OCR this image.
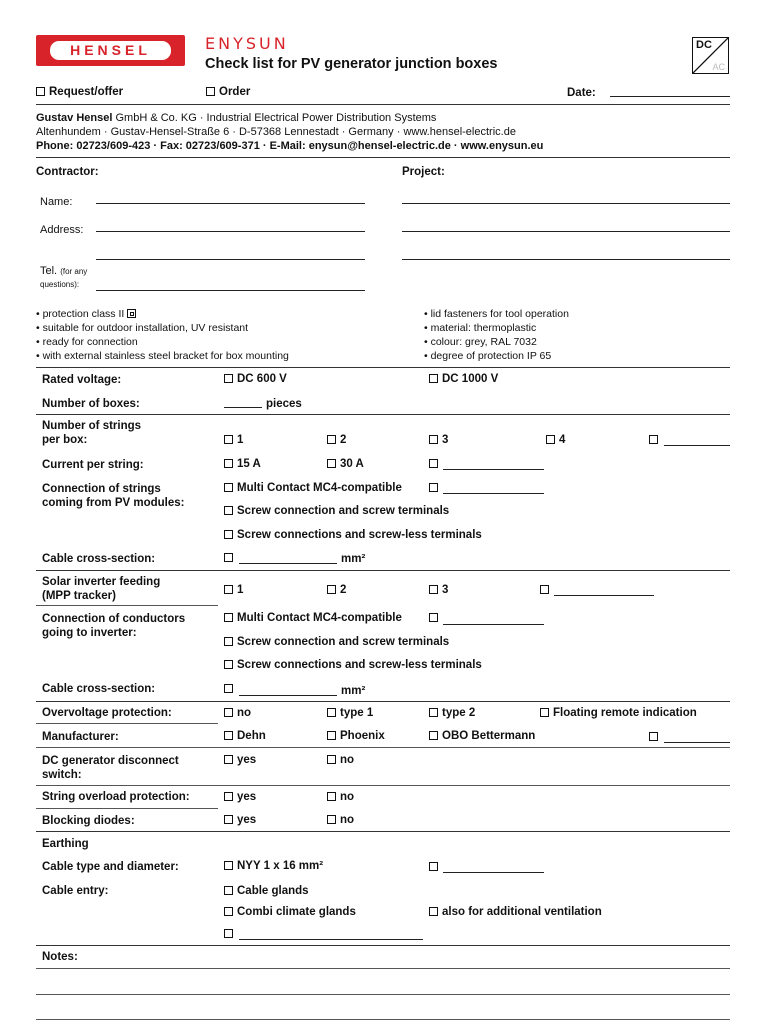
HENSEL	ENYSUN
Check list for PV generator junction boxes
DC
AC
Request/offer	Order	Date:
Gustav Hensel GmbH & Co. KG · Industrial Electrical Power Distribution Systems
Altenhundem · Gustav-Hensel-Straße 6 · D-57368 Lennestadt · Germany · www.hensel-electric.de
Phone: 02723/609-423 · Fax: 02723/609-371 · E-Mail: enysun@hensel-electric.de · www.enysun.eu
Contractor:	Project:
Name:
Address:
Tel. (for any
questions):
• protection class II
• suitable for outdoor installation, UV resistant
• ready for connection
• with external stainless steel bracket for box mounting
• lid fasteners for tool operation
• material: thermoplastic
• colour: grey, RAL 7032
• degree of protection IP 65
Rated voltage:	DC 600 V	DC 1000 V
Number of boxes:	pieces
Number of strings
per box:	1	2	3	4
Current per string:	15 A	30 A
Connection of strings
coming from PV modules:
Multi Contact MC4-compatible
Screw connection and screw terminals
Screw connections and screw-less terminals
Cable cross-section:	mm²
Solar inverter feeding
(MPP tracker)	1	2	3
Connection of conductors
going to inverter:
Multi Contact MC4-compatible
Screw connection and screw terminals
Screw connections and screw-less terminals
Cable cross-section:	mm²
Overvoltage protection:	no	type 1	type 2	Floating remote indication
Manufacturer:	Dehn	Phoenix	OBO Bettermann
DC generator disconnect
switch:
yes	no
String overload protection:	yes	no
Blocking diodes:	yes	no
Earthing
Cable type and diameter:	NYY 1 x 16 mm²
Cable entry:	Cable glands
Combi climate glands	also for additional ventilation
Notes:
